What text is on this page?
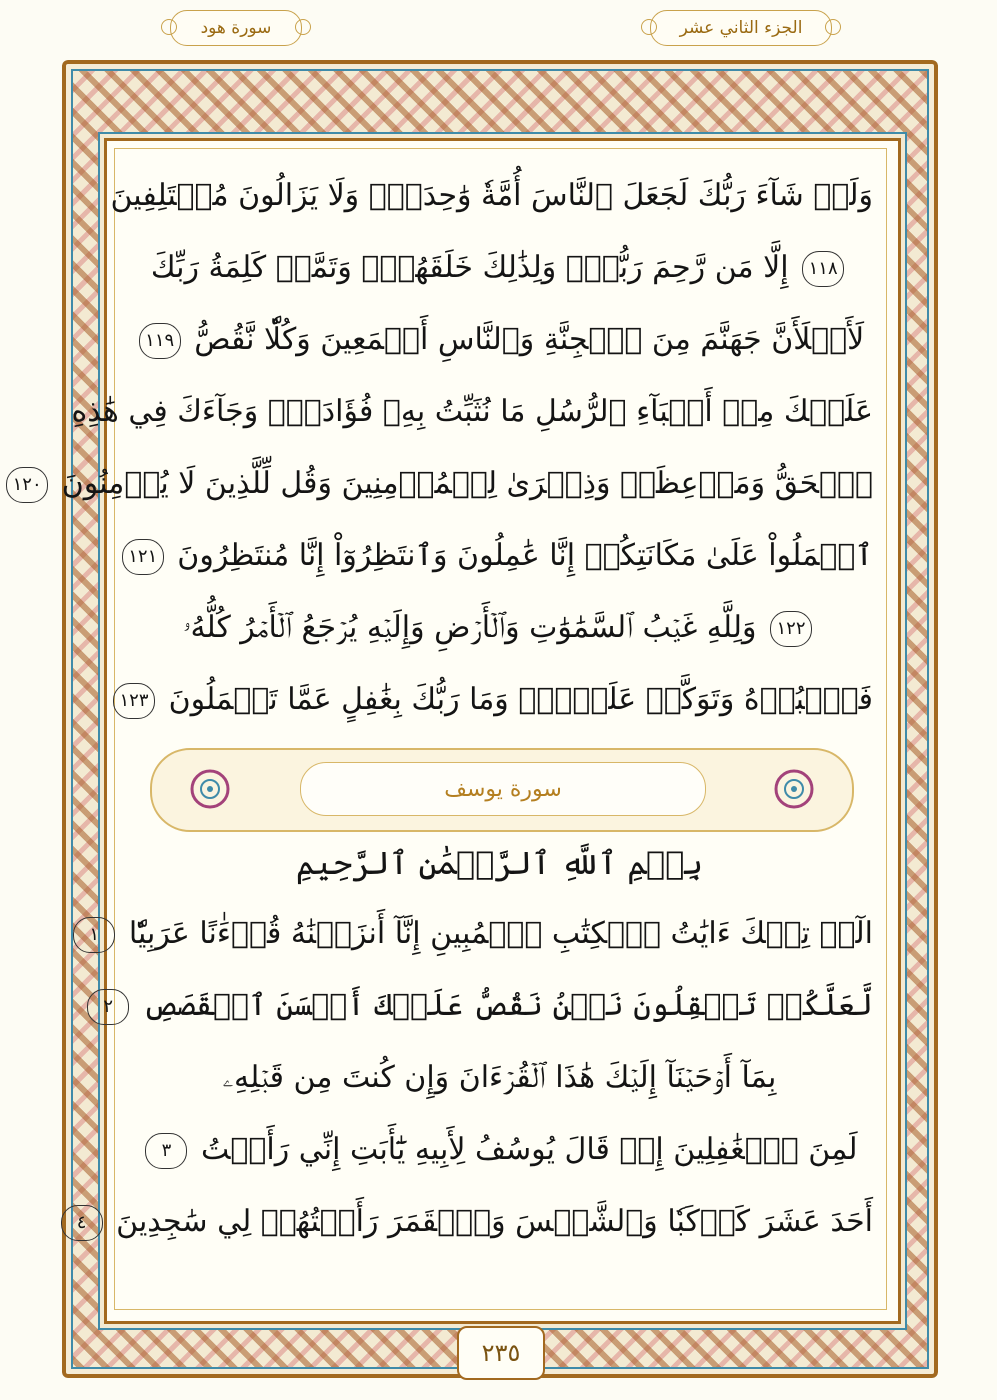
سورة هود	الجزء الثاني عشر
وَلَوۡ شَآءَ رَبُّكَ لَجَعَلَ ٱلنَّاسَ أُمَّةٗ وَٰحِدَةٗۖ وَلَا يَزَالُونَ مُخۡتَلِفِينَ
١١٨ إِلَّا مَن رَّحِمَ رَبُّكَۚ وَلِذَٰلِكَ خَلَقَهُمۡۗ وَتَمَّتۡ كَلِمَةُ رَبِّكَ
لَأَمۡلَأَنَّ جَهَنَّمَ مِنَ ٱلۡجِنَّةِ وَٱلنَّاسِ أَجۡمَعِينَ وَكُلّٗا نَّقُصُّ ١١٩
عَلَيۡكَ مِنۡ أَنۢبَآءِ ٱلرُّسُلِ مَا نُثَبِّتُ بِهِۦ فُؤَادَكَۚ وَجَآءَكَ فِي هَٰذِهِ
ٱلۡحَقُّ وَمَوۡعِظَةٞ وَذِكۡرَىٰ لِلۡمُؤۡمِنِينَ وَقُل لِّلَّذِينَ لَا يُؤۡمِنُونَ ١٢٠
ٱعۡمَلُواْ عَلَىٰ مَكَانَتِكُمۡ إِنَّا عَٰمِلُونَ وَٱنتَظِرُوٓاْ إِنَّا مُنتَظِرُونَ ١٢١
١٢٢ وَلِلَّهِ غَيۡبُ ٱلسَّمَٰوَٰتِ وَٱلۡأَرۡضِ وَإِلَيۡهِ يُرۡجَعُ ٱلۡأَمۡرُ كُلُّهُۥ
فَٱعۡبُدۡهُ وَتَوَكَّلۡ عَلَيۡهِۚ وَمَا رَبُّكَ بِغَٰفِلٍ عَمَّا تَعۡمَلُونَ ١٢٣
سورة يوسف
بِسۡمِ ٱللَّهِ ٱلرَّحۡمَٰنِ ٱلرَّحِيمِ
الٓرۚ تِلۡكَ ءَايَٰتُ ٱلۡكِتَٰبِ ٱلۡمُبِينِ إِنَّآ أَنزَلۡنَٰهُ قُرۡءَٰنًا عَرَبِيّٗا ١
لَّعَلَّكُمۡ تَعۡقِلُونَ نَحۡنُ نَقُصُّ عَلَيۡكَ أَحۡسَنَ ٱلۡقَصَصِ ٢
بِمَآ أَوۡحَيۡنَآ إِلَيۡكَ هَٰذَا ٱلۡقُرۡءَانَ وَإِن كُنتَ مِن قَبۡلِهِۦ
لَمِنَ ٱلۡغَٰفِلِينَ إِذۡ قَالَ يُوسُفُ لِأَبِيهِ يَٰٓأَبَتِ إِنِّي رَأَيۡتُ ٣
أَحَدَ عَشَرَ كَوۡكَبٗا وَٱلشَّمۡسَ وَٱلۡقَمَرَ رَأَيۡتُهُمۡ لِي سَٰجِدِينَ ٤
٢٣٥
